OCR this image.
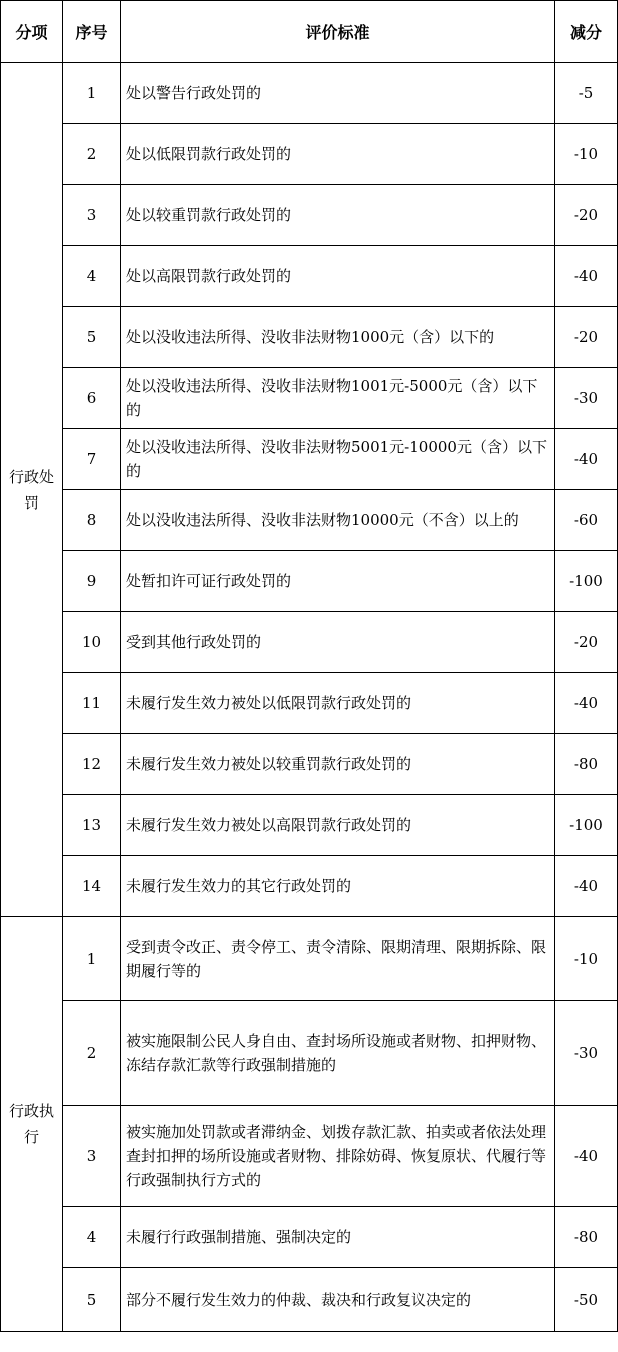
分项	序号	评价标准	减分
行政处罚	1	处以警告行政处罚的	-5
	2	处以低限罚款行政处罚的	-10
	3	处以较重罚款行政处罚的	-20
	4	处以高限罚款行政处罚的	-40
	5	处以没收违法所得、没收非法财物1000元（含）以下的	-20
	6	处以没收违法所得、没收非法财物1001元-5000元（含）以下的	-30
	7	处以没收违法所得、没收非法财物5001元-10000元（含）以下的	-40
	8	处以没收违法所得、没收非法财物10000元（不含）以上的	-60
	9	处暂扣许可证行政处罚的	-100
	10	受到其他行政处罚的	-20
	11	未履行发生效力被处以低限罚款行政处罚的	-40
	12	未履行发生效力被处以较重罚款行政处罚的	-80
	13	未履行发生效力被处以高限罚款行政处罚的	-100
	14	未履行发生效力的其它行政处罚的	-40
行政执行	1	受到责令改正、责令停工、责令清除、限期清理、限期拆除、限期履行等的	-10
	2	被实施限制公民人身自由、查封场所设施或者财物、扣押财物、冻结存款汇款等行政强制措施的	-30
	3	被实施加处罚款或者滞纳金、划拨存款汇款、拍卖或者依法处理查封扣押的场所设施或者财物、排除妨碍、恢复原状、代履行等行政强制执行方式的	-40
	4	未履行行政强制措施、强制决定的	-80
	5	部分不履行发生效力的仲裁、裁决和行政复议决定的	-50
